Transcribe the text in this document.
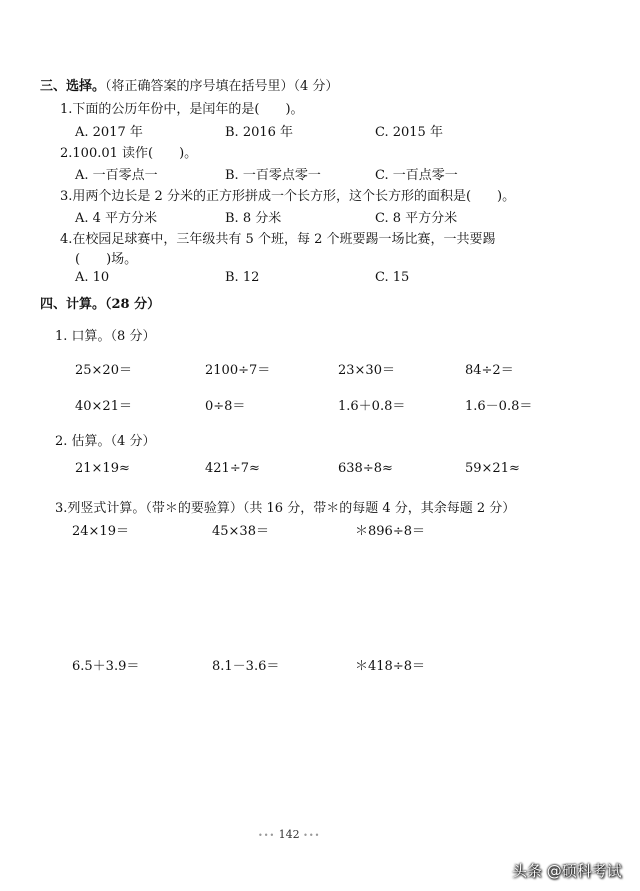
三、选择。（将正确答案的序号填在括号里）（4 分）
1.下面的公历年份中，是闰年的是(　　)。
A. 2017 年	B. 2016 年	C. 2015 年
2.100.01 读作(　　)。
A. 一百零点一	B. 一百零点零一	C. 一百点零一
3.用两个边长是 2 分米的正方形拼成一个长方形，这个长方形的面积是(　　)。
A. 4 平方分米	B. 8 分米	C. 8 平方分米
4.在校园足球赛中，三年级共有 5 个班，每 2 个班要踢一场比赛，一共要踢
(　　)场。
A. 10	B. 12	C. 15
四、计算。（28 分）
1. 口算。（8 分）
25×20＝	2100÷7＝	23×30＝	84÷2＝
40×21＝	0÷8＝	1.6＋0.8＝	1.6－0.8＝
2. 估算。（4 分）
21×19≈	421÷7≈	638÷8≈	59×21≈
3.列竖式计算。（带＊的要验算）（共 16 分，带＊的每题 4 分，其余每题 2 分）
24×19＝	45×38＝	＊896÷8＝
6.5＋3.9＝	8.1－3.6＝	＊418÷8＝
••• 142 •••
头条 @硕科考试
